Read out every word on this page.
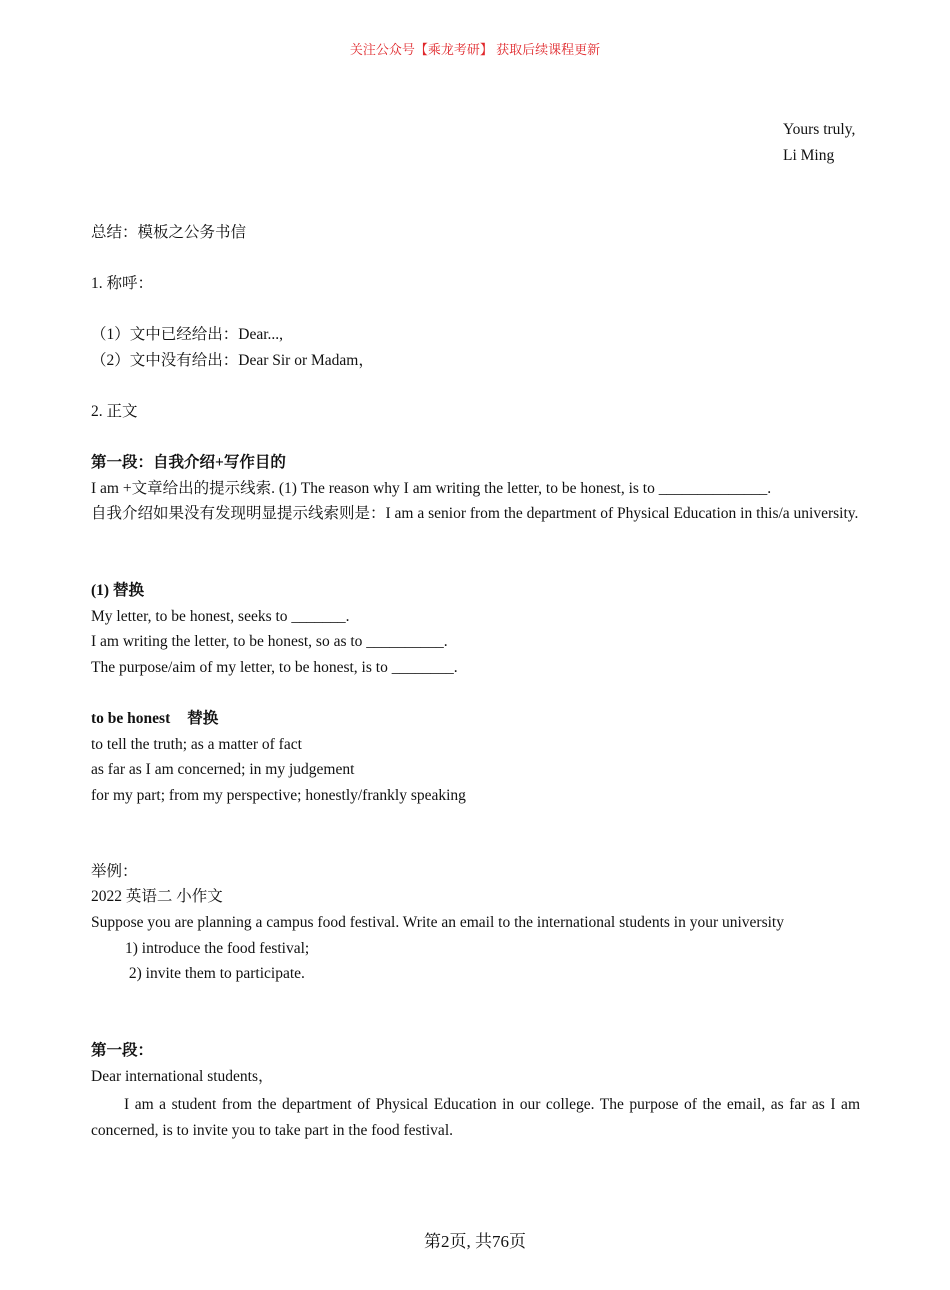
关注公众号【乘龙考研】 获取后续课程更新
Yours truly,
Li Ming
总结：模板之公务书信
1. 称呼：
（1）文中已经给出：Dear...,
（2）文中没有给出：Dear Sir or Madam，
2. 正文
第一段：自我介绍+写作目的
I am +文章给出的提示线索. (1) The reason why I am writing the letter, to be honest, is to ______________.
自我介绍如果没有发现明显提示线索则是：I am a senior from the department of Physical Education in this/a university.
(1) 替换
My letter, to be honest, seeks to _______.
I am writing the letter, to be honest, so as to __________.
The purpose/aim of my letter, to be honest, is to ________.
to be honest 替换
to tell the truth; as a matter of fact
as far as I am concerned; in my judgement
for my part; from my perspective; honestly/frankly speaking
举例：
2022 英语二 小作文
Suppose you are planning a campus food festival. Write an email to the international students in your university
1) introduce the food festival;
2) invite them to participate.
第一段：
Dear international students，
I am a student from the department of Physical Education in our college. The purpose of the email, as far as I am concerned, is to invite you to take part in the food festival.
第2页, 共76页
